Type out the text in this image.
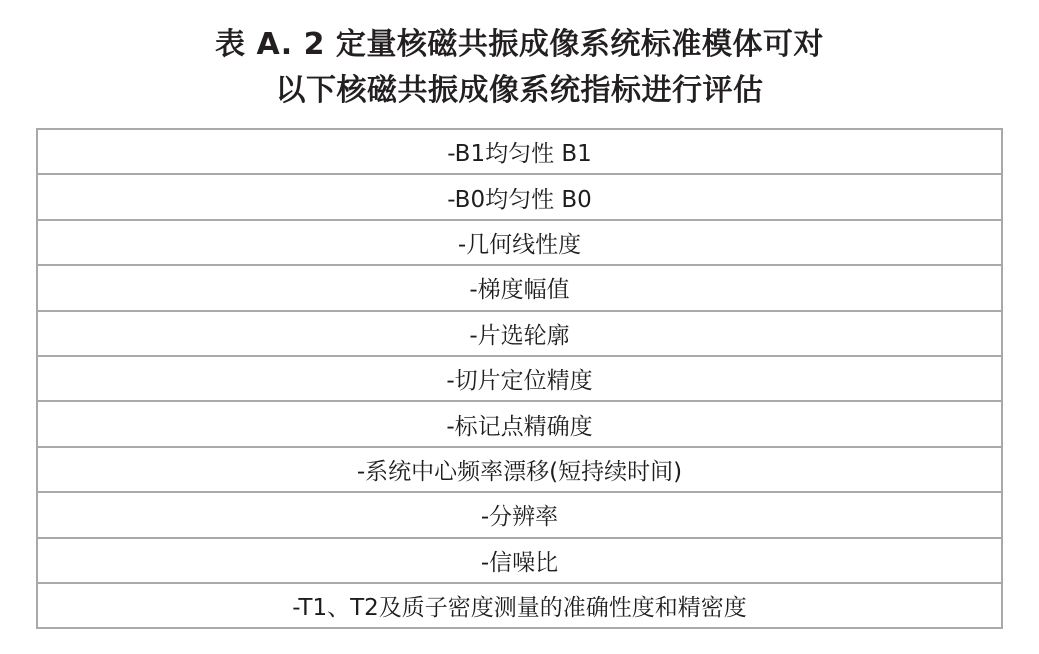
表 A. 2 定量核磁共振成像系统标准模体可对
以下核磁共振成像系统指标进行评估
-B1均匀性 B1
-B0均匀性 B0
-几何线性度
-梯度幅值
-片选轮廓
-切片定位精度
-标记点精确度
-系统中心频率漂移(短持续时间)
-分辨率
-信噪比
-T1、T2及质子密度测量的准确性度和精密度
